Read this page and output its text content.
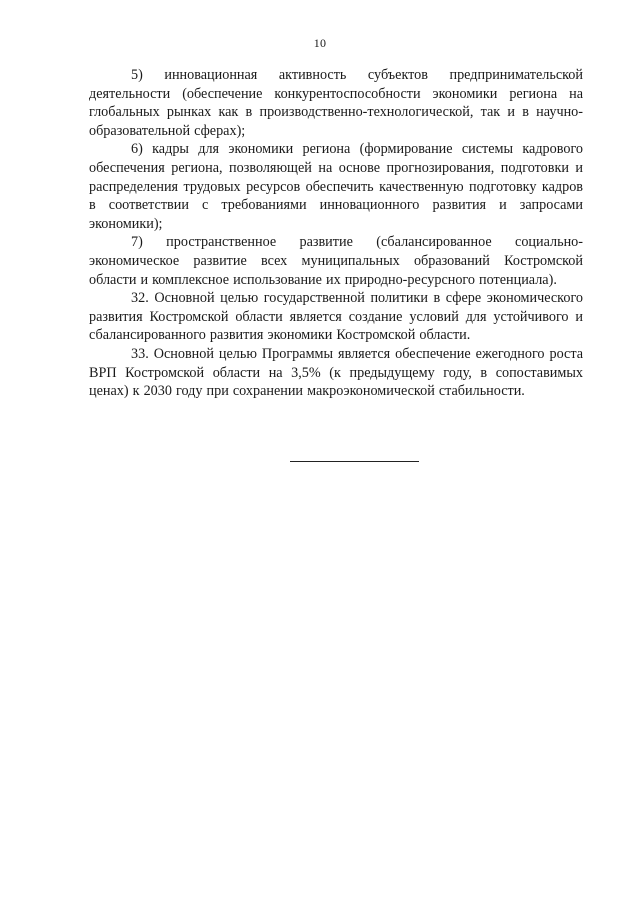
10

5) инновационная активность субъектов предпринимательской деятельности (обеспечение конкурентоспособности экономики региона на глобальных рынках как в производственно-технологической, так и в научно-образовательной сферах);

6) кадры для экономики региона (формирование системы кадрового обеспечения региона, позволяющей на основе прогнозирования, подготовки и распределения трудовых ресурсов обеспечить качественную подготовку кадров в соответствии с требованиями инновационного развития и запросами экономики);

7) пространственное развитие (сбалансированное социально-экономическое развитие всех муниципальных образований Костромской области и комплексное использование их природно-ресурсного потенциала).

32. Основной целью государственной политики в сфере экономического развития Костромской области является создание условий для устойчивого и сбалансированного развития экономики Костромской области.

33. Основной целью Программы является обеспечение ежегодного роста ВРП Костромской области на 3,5% (к предыдущему году, в сопоставимых ценах) к 2030 году при сохранении макроэкономической стабильности.
